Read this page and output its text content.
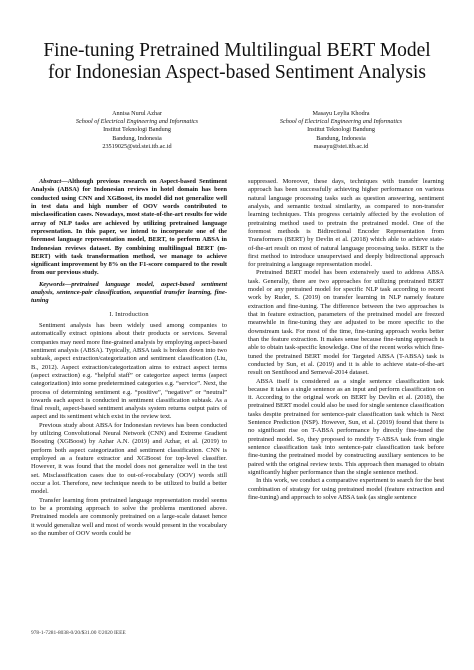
Fine-tuning Pretrained Multilingual BERT Model
for Indonesian Aspect-based Sentiment Analysis
Annisa Nurul Azhar
School of Electrical Engineering and Informatics
Institut Teknologi Bandung
Bandung, Indonesia
23519025@std.stei.itb.ac.id
Masayu Leylia Khodra
School of Electrical Engineering and Informatics
Institut Teknologi Bandung
Bandung, Indonesia
masayu@stei.itb.ac.id

Abstract—Although previous research on Aspect-based Sentiment Analysis (ABSA) for Indonesian reviews in hotel domain has been conducted using CNN and XGBoost, its model did not generalize well in test data and high number of OOV words contributed to misclassification cases. Nowadays, most state-of-the-art results for wide array of NLP tasks are achieved by utilizing pretrained language representation. In this paper, we intend to incorporate one of the foremost language representation model, BERT, to perform ABSA in Indonesian reviews dataset. By combining multilingual BERT (m-BERT) with task transformation method, we manage to achieve significant improvement by 8% on the F1-score compared to the result from our previous study.

Keywords—pretrained language model, aspect-based sentiment analysis, sentence-pair classification, sequential transfer learning, fine-tuning

I. Introduction

Sentiment analysis has been widely used among companies to automatically extract opinions about their products or services. Several companies may need more fine-grained analysis by employing aspect-based sentiment analysis (ABSA). Typically, ABSA task is broken down into two subtask, aspect extraction/categorization and sentiment classification (Liu, B., 2012). Aspect extraction/categorization aims to extract aspect terms (aspect extraction) e.g. “helpful staff” or categorize aspect terms (aspect categorization) into some predetermined categories e.g. “service”. Next, the process of determining sentiment e.g. “positive”, “negative” or “neutral” towards each aspect is conducted in sentiment classification subtask. As a final result, aspect-based sentiment analysis system returns output pairs of aspect and its sentiment which exist in the review text.

Previous study about ABSA for Indonesian reviews has been conducted by utilizing Convolutional Neural Network (CNN) and Extreme Gradient Boosting (XGBoost) by Azhar A.N. (2019) and Azhar, et al. (2019) to perform both aspect categorization and sentiment classification. CNN is employed as a feature extractor and XGBoost for top-level classifier. However, it was found that the model does not generalize well in the test set. Misclassification cases due to out-of-vocabulary (OOV) words still occur a lot. Therefore, new technique needs to be utilized to build a better model.

Transfer learning from pretrained language representation model seems to be a promising approach to solve the problems mentioned above. Pretrained models are commonly pretrained on a large-scale dataset hence it would generalize well and most of words would present in the vocabulary so the number of OOV words could be

suppressed. Moreover, these days, techniques with transfer learning approach has been successfully achieving higher performance on various natural language processing tasks such as question answering, sentiment analysis, and semantic textual similarity, as compared to non-transfer learning techniques. This progress certainly affected by the evolution of pretraining method used to pretrain the pretrained model. One of the foremost methods is Bidirectional Encoder Representation from Transformers (BERT) by Devlin et al. (2018) which able to achieve state-of-the-art result on most of natural language processing tasks. BERT is the first method to introduce unsupervised and deeply bidirectional approach for pretraining a language representation model.

Pretrained BERT model has been extensively used to address ABSA task. Generally, there are two approaches for utilizing pretrained BERT model or any pretrained model for specific NLP task according to recent work by Ruder, S. (2019) on transfer learning in NLP namely feature extraction and fine-tuning. The difference between the two approaches is that in feature extraction, parameters of the pretrained model are freezed meanwhile in fine-tuning they are adjusted to be more specific to the downstream task. For most of the time, fine-tuning approach works better than the feature extraction. It makes sense because fine-tuning approach is able to obtain task-specific knowledge. One of the recent works which fine-tuned the pretrained BERT model for Targeted ABSA (T-ABSA) task is conducted by Sun, et al. (2019) and it is able to achieve state-of-the-art result on Sentihood and Semeval-2014 dataset.

ABSA itself is considered as a single sentence classification task because it takes a single sentence as an input and perform classification on it. According to the original work on BERT by Devlin et al. (2018), the pretrained BERT model could also be used for single sentence classification tasks despite pretrained for sentence-pair classification task which is Next Sentence Prediction (NSP). However, Sun, et al. (2019) found that there is no significant rise on T-ABSA performance by directly fine-tuned the pretrained model. So, they proposed to modify T-ABSA task from single sentence classification task into sentence-pair classification task before fine-tuning the pretrained model by constructing auxiliary sentences to be paired with the original review texts. This approach then managed to obtain significantly higher performance than the single sentence method.

In this work, we conduct a comparative experiment to search for the best combination of strategy for using pretrained model (feature extraction and fine-tuning) and approach to solve ABSA task (as single sentence

978-1-7281-8038-0/20/$31.00 ©2020 IEEE
